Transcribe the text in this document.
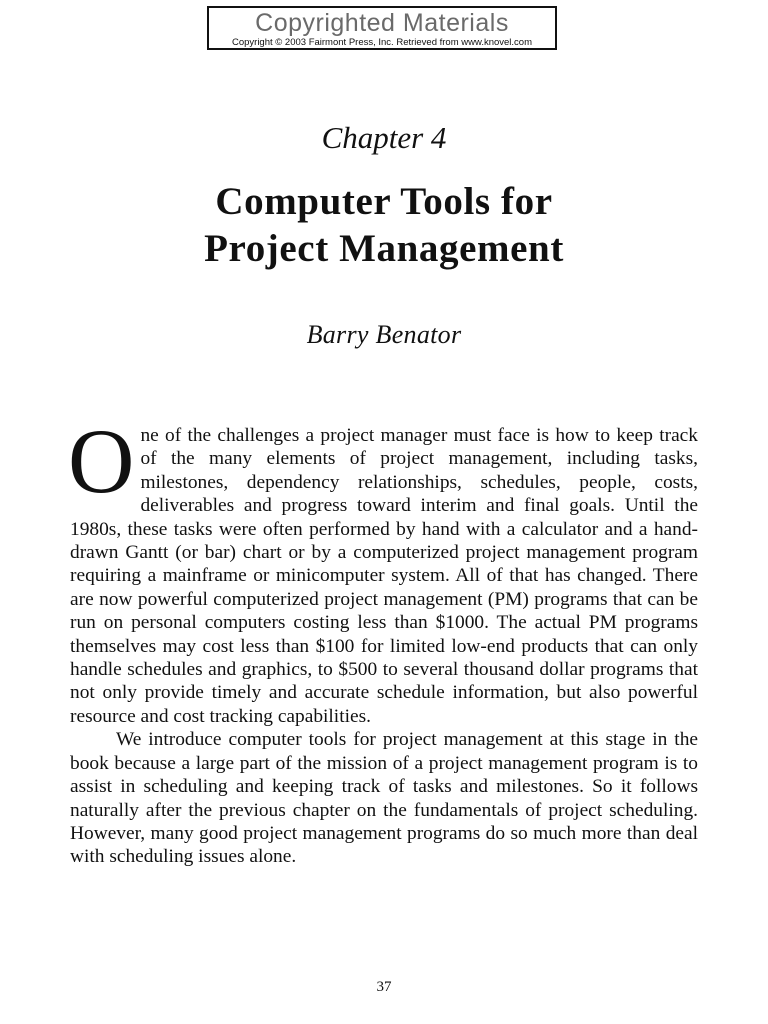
Copyrighted Materials
Copyright © 2003 Fairmont Press, Inc. Retrieved from www.knovel.com
Chapter 4
Computer Tools for
Project Management
Barry Benator

One of the challenges a project manager must face is how to keep track of the many elements of project management, including tasks, milestones, dependency relationships, schedules, people, costs, deliverables and progress toward interim and final goals. Until the 1980s, these tasks were often performed by hand with a calculator and a hand-drawn Gantt (or bar) chart or by a computerized project management program requiring a mainframe or minicomputer system. All of that has changed. There are now powerful computerized project management (PM) programs that can be run on personal computers costing less than $1000. The actual PM programs themselves may cost less than $100 for limited low-end products that can only handle schedules and graphics, to $500 to several thousand dollar programs that not only provide timely and accurate schedule information, but also powerful resource and cost tracking capabilities.

We introduce computer tools for project management at this stage in the book because a large part of the mission of a project management program is to assist in scheduling and keeping track of tasks and milestones. So it follows naturally after the previous chapter on the fundamentals of project scheduling. However, many good project management programs do so much more than deal with scheduling issues alone.

37
